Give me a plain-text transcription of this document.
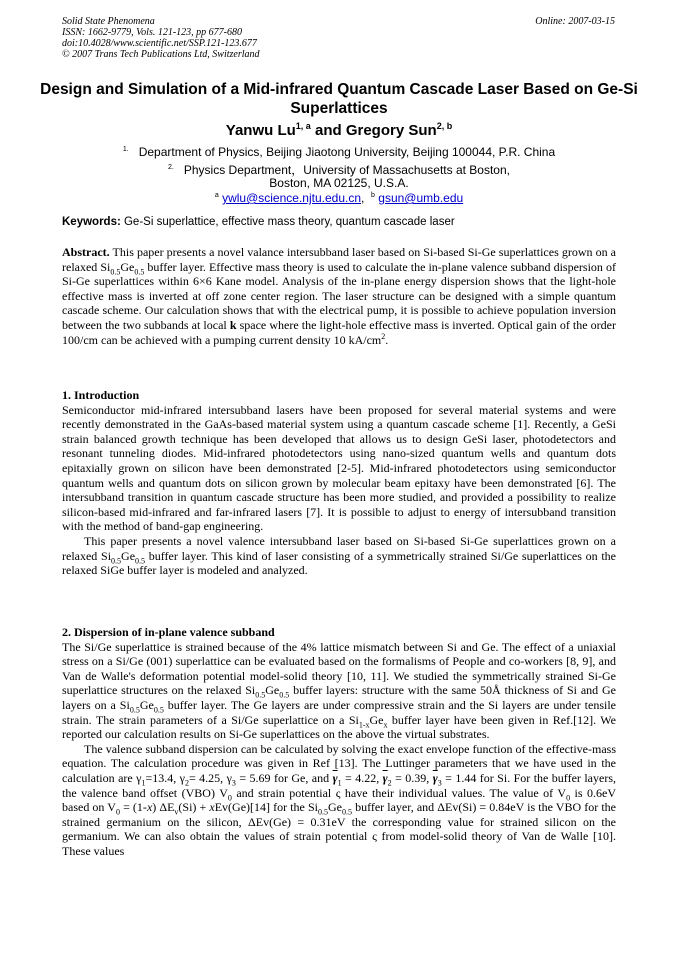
Solid State Phenomena
ISSN: 1662-9779, Vols. 121-123, pp 677-680
doi:10.4028/www.scientific.net/SSP.121-123.677
© 2007 Trans Tech Publications Ltd, Switzerland
Online: 2007-03-15
Design and Simulation of a Mid-infrared Quantum Cascade Laser Based on Ge-Si Superlattices
Yanwu Lu$^{1, a}$ and Gregory Sun$^{2, b}$
$^{1.}$ Department of Physics, Beijing Jiaotong University, Beijing 100044, P.R. China
$^{2.}$ Physics Department，University of Massachusetts at Boston,
Boston, MA 02125, U.S.A.
$^a$ ywlu@science.njtu.edu.cn, $^b$ gsun@umb.edu
Keywords: Ge-Si superlattice, effective mass theory, quantum cascade laser
Abstract. This paper presents a novel valance intersubband laser based on Si-based Si-Ge superlattices grown on a relaxed $Si_{0.5}Ge_{0.5}$ buffer layer. Effective mass theory is used to calculate the in-plane valence subband dispersion of Si-Ge superlattices within 6×6 Kane model. Analysis of the in-plane energy dispersion shows that the light-hole effective mass is inverted at off zone center region. The laser structure can be designed with a simple quantum cascade scheme. Our calculation shows that with the electrical pump, it is possible to achieve population inversion between the two subbands at local k space where the light-hole effective mass is inverted. Optical gain of the order 100/cm can be achieved with a pumping current density 10 $kA/cm^2$.
1. Introduction
Semiconductor mid-infrared intersubband lasers have been proposed for several material systems and were recently demonstrated in the GaAs-based material system using a quantum cascade scheme [1]. Recently, a GeSi strain balanced growth technique has been developed that allows us to design GeSi laser, photodetectors and resonant tunneling diodes. Mid-infrared photodetectors using nano-sized quantum wells and quantum dots epitaxially grown on silicon have been demonstrated [2-5]. Mid-infrared photodetectors using semiconductor quantum wells and quantum dots on silicon grown by molecular beam epitaxy have been demonstrated [6]. The intersubband transition in quantum cascade structure has been more studied, and provided a possibility to realize silicon-based mid-infrared and far-infrared lasers [7]. It is possible to adjust to energy of intersubband transition with the method of band-gap engineering.
This paper presents a novel valence intersubband laser based on Si-based Si-Ge superlattices grown on a relaxed $Si_{0.5}Ge_{0.5}$ buffer layer. This kind of laser consisting of a symmetrically strained Si/Ge superlattices on the relaxed SiGe buffer layer is modeled and analyzed.
2. Dispersion of in-plane valence subband
The Si/Ge superlattice is strained because of the 4% lattice mismatch between Si and Ge. The effect of a uniaxial stress on a Si/Ge (001) superlattice can be evaluated based on the formalisms of People and co-workers [8, 9], and Van de Walle's deformation potential model-solid theory [10, 11]. We studied the symmetrically strained Si-Ge superlattice structures on the relaxed $Si_{0.5}Ge_{0.5}$ buffer layers: structure with the same 50Å thickness of Si and Ge layers on a $Si_{0.5}Ge_{0.5}$ buffer layer. The Ge layers are under compressive strain and the Si layers are under tensile strain. The strain parameters of a Si/Ge superlattice on a $Si_{1-x}Ge_x$ buffer layer have been given in Ref.[12]. We reported our calculation results on Si-Ge superlattices on the above the virtual substrates.
The valence subband dispersion can be calculated by solving the exact envelope function of the effective-mass equation. The calculation procedure was given in Ref [13]. The Luttinger parameters that we have used in the calculation are $\gamma_1=13.4$, $\gamma_2= 4.25$, $\gamma_3 = 5.69$ for Ge, and $\overline{\gamma}_1 = 4.22$, $\overline{\gamma}_2 = 0.39$, $\overline{\gamma}_3 = 1.44$ for Si. For the buffer layers, the valence band offset (VBO) $V_0$ and strain potential ς have their individual values. The value of $V_0$ is 0.6eV based on $V_0 = (1-x) \Delta E_v(Si) + xEv(Ge)[14]$ for the $Si_{0.5}Ge_{0.5}$ buffer layer, and ΔEv(Si) = 0.84eV is the VBO for the strained germanium on the silicon, ΔEv(Ge) = 0.31eV the corresponding value for strained silicon on the germanium. We can also obtain the values of strain potential ς from model-solid theory of Van de Walle [10]. These values
